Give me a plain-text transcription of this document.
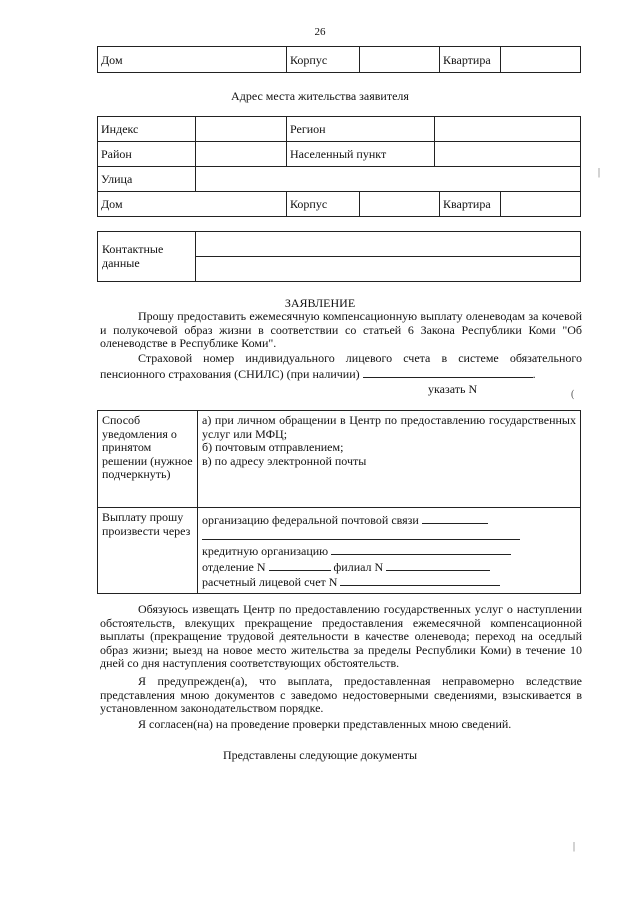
26
Дом	Корпус		Квартира	
Адрес места жительства заявителя
Индекс		Регион	
Район		Населенный пункт	
Улица			
Дом	Корпус		Квартира	
Контактные данные	

ЗАЯВЛЕНИЕ
Прошу предоставить ежемесячную компенсационную выплату оленеводам за кочевой и полукочевой образ жизни в соответствии со статьей 6 Закона Республики Коми "Об оленеводстве в Республике Коми".
Страховой номер индивидуального лицевого счета в системе обязательного пенсионного страхования (СНИЛС) (при наличии)	.
указать N
Способ уведомления о принятом решении (нужное подчеркнуть)	а) при личном обращении в Центр по предоставлению государственных услуг или МФЦ;
б) почтовым отправлением;
в) по адресу электронной почты

Выплату прошу произвести через	организацию федеральной почтовой связи
кредитную организацию
отделение N филиал N
расчетный лицевой счет N
Обязуюсь извещать Центр по предоставлению государственных услуг о наступлении обстоятельств, влекущих прекращение предоставления ежемесячной компенсационной выплаты (прекращение трудовой деятельности в качестве оленевода; переход на оседлый образ жизни; выезд на новое место жительства за пределы Республики Коми) в течение 10 дней со дня наступления соответствующих обстоятельств.
Я предупрежден(а), что выплата, предоставленная неправомерно вследствие представления мною документов с заведомо недостоверными сведениями, взыскивается в установленном законодательством порядке.
Я согласен(на) на проведение проверки представленных мною сведений.
Представлены следующие документы
|
(
|
